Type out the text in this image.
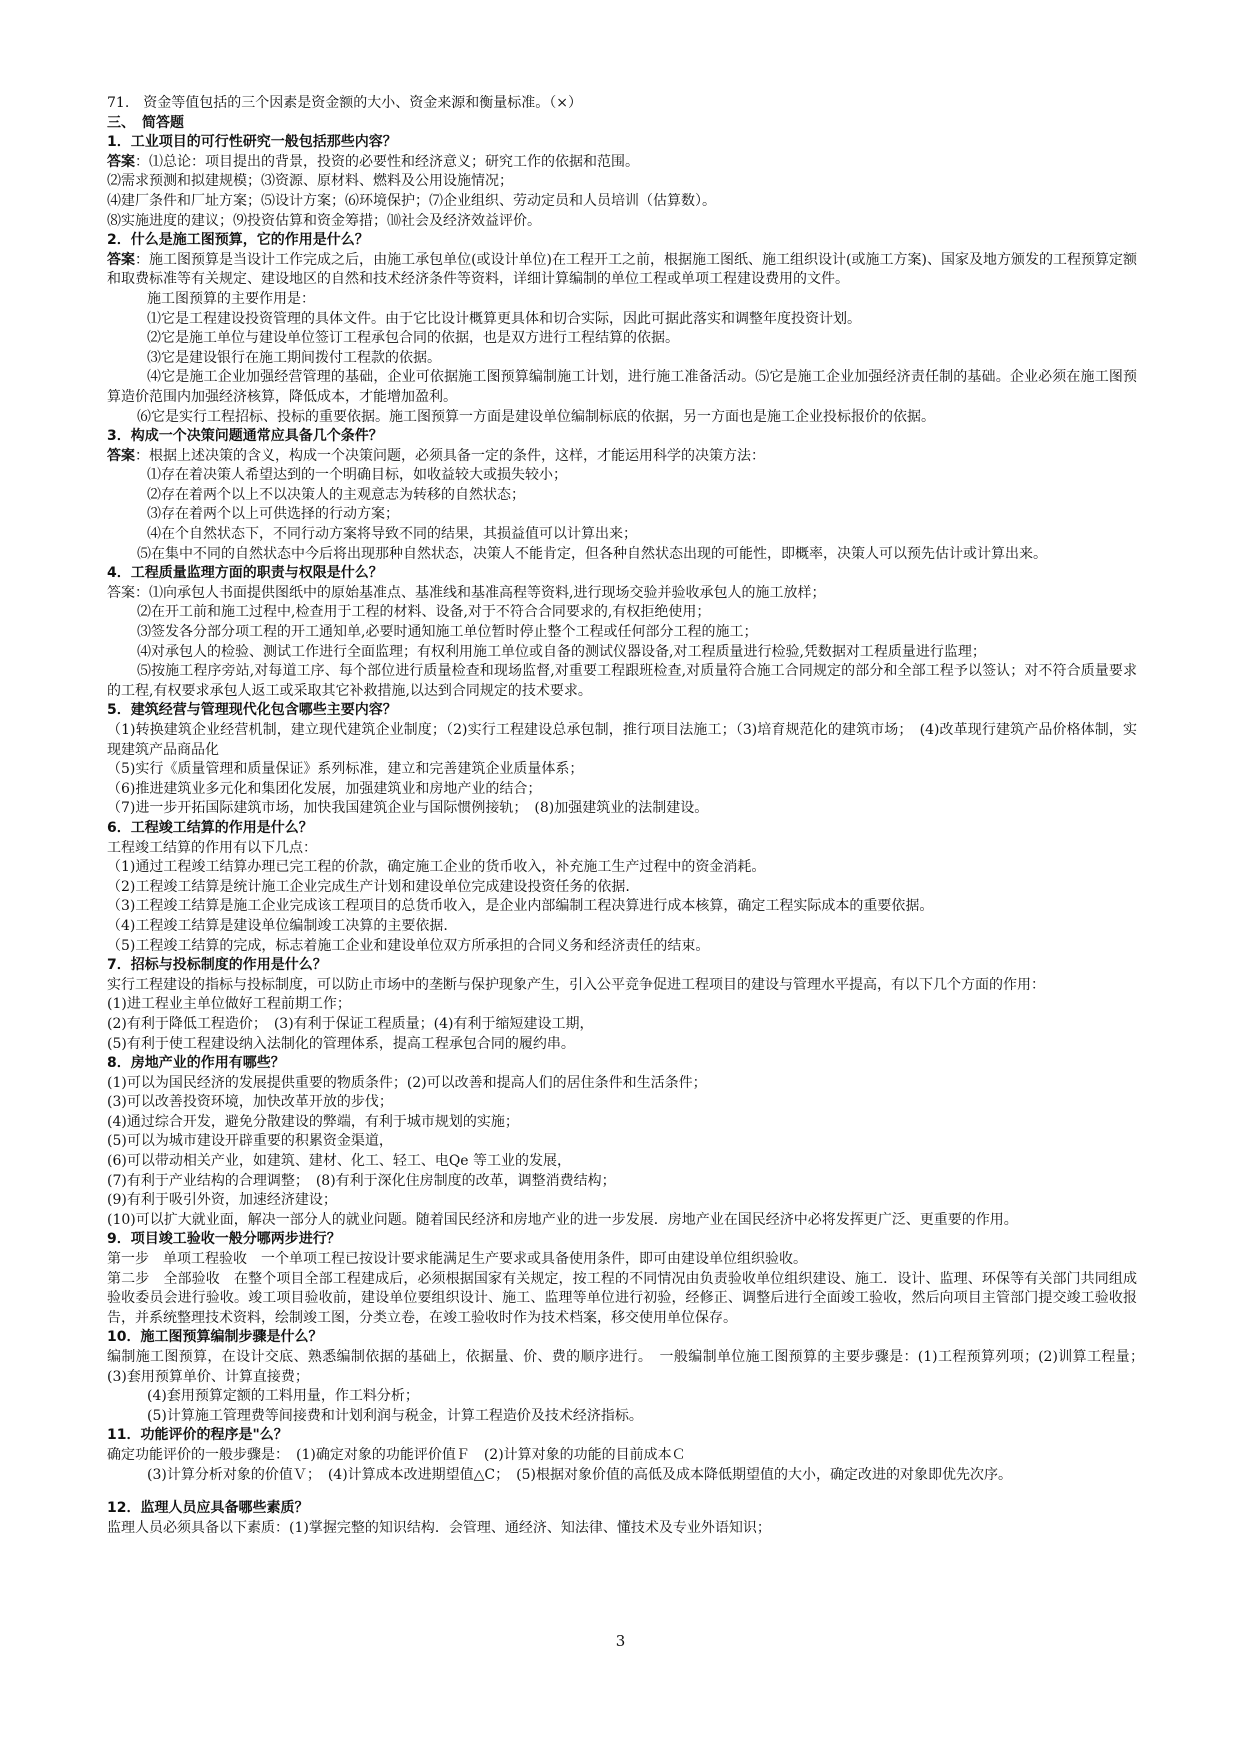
71.　资金等值包括的三个因素是资金额的大小、资金来源和衡量标准。（×）
三、　简答题
1．工业项目的可行性研究一般包括那些内容？
答案：⑴总论：项目提出的背景，投资的必要性和经济意义；研究工作的依据和范围。
⑵需求预测和拟建规模；⑶资源、原材料、燃料及公用设施情况；
⑷建厂条件和厂址方案；⑸设计方案；⑹环境保护；⑺企业组织、劳动定员和人员培训（估算数）。
⑻实施进度的建议；⑼投资估算和资金筹措；⑽社会及经济效益评价。
2．什么是施工图预算，它的作用是什么？
答案：施工图预算是当设计工作完成之后，由施工承包单位(或设计单位)在工程开工之前，根据施工图纸、施工组织设计(或施工方案)、国家及地方颁发的工程预算定额和取费标准等有关规定、建设地区的自然和技术经济条件等资料，详细计算编制的单位工程或单项工程建设费用的文件。
施工图预算的主要作用是：
⑴它是工程建设投资管理的具体文件。由于它比设计概算更具体和切合实际，因此可据此落实和调整年度投资计划。
⑵它是施工单位与建设单位签订工程承包合同的依据，也是双方进行工程结算的依据。
⑶它是建设银行在施工期间拨付工程款的依据。
⑷它是施工企业加强经营管理的基础，企业可依据施工图预算编制施工计划，进行施工准备活动。⑸它是施工企业加强经济责任制的基础。企业必须在施工图预算造价范围内加强经济核算，降低成本，才能增加盈利。
⑹它是实行工程招标、投标的重要依据。施工图预算一方面是建设单位编制标底的依据，另一方面也是施工企业投标报价的依据。
3．构成一个决策问题通常应具备几个条件？
答案：根据上述决策的含义，构成一个决策问题，必须具备一定的条件，这样，才能运用科学的决策方法：
⑴存在着决策人希望达到的一个明确目标，如收益较大或损失较小；
⑵存在着两个以上不以决策人的主观意志为转移的自然状态；
⑶存在着两个以上可供选择的行动方案；
⑷在个自然状态下，不同行动方案将导致不同的结果，其损益值可以计算出来；
⑸在集中不同的自然状态中今后将出现那种自然状态，决策人不能肯定，但各种自然状态出现的可能性，即概率，决策人可以预先估计或计算出来。
4．工程质量监理方面的职责与权限是什么？
答案：⑴向承包人书面提供图纸中的原始基准点、基准线和基准高程等资料,进行现场交验并验收承包人的施工放样；
⑵在开工前和施工过程中,检查用于工程的材料、设备,对于不符合合同要求的,有权拒绝使用；
⑶签发各分部分项工程的开工通知单,必要时通知施工单位暂时停止整个工程或任何部分工程的施工；
⑷对承包人的检验、测试工作进行全面监理；有权利用施工单位或自备的测试仪器设备,对工程质量进行检验,凭数据对工程质量进行监理；
⑸按施工程序旁站,对每道工序、每个部位进行质量检查和现场监督,对重要工程跟班检查,对质量符合施工合同规定的部分和全部工程予以签认；对不符合质量要求的工程,有权要求承包人返工或采取其它补救措施,以达到合同规定的技术要求。
5．建筑经营与管理现代化包含哪些主要内容？
（1)转换建筑企业经营机制，建立现代建筑企业制度；（2)实行工程建设总承包制，推行项目法施工；（3)培育规范化的建筑市场；　(4)改革现行建筑产品价格体制，实现建筑产品商品化
（5)实行《质量管理和质量保证》系列标准，建立和完善建筑企业质量体系；
（6)推进建筑业多元化和集团化发展，加强建筑业和房地产业的结合；
（7)进一步开拓国际建筑市场，加快我国建筑企业与国际惯例接轨；　(8)加强建筑业的法制建设。
6．工程竣工结算的作用是什么？
工程竣工结算的作用有以下几点：
（1)通过工程竣工结算办理已完工程的价款，确定施工企业的货币收入，补充施工生产过程中的资金消耗。
（2)工程竣工结算是统计施工企业完成生产计划和建设单位完成建设投资任务的依据.
（3)工程竣工结算是施工企业完成该工程项目的总货币收入，是企业内部编制工程决算进行成本核算，确定工程实际成本的重要依据。
（4)工程竣工结算是建设单位编制竣工决算的主要依据.
（5)工程竣工结算的完成，标志着施工企业和建设单位双方所承担的合同义务和经济责任的结束。
7．招标与投标制度的作用是什么？
实行工程建设的指标与投标制度，可以防止市场中的垄断与保护现象产生，引入公平竞争促进工程项目的建设与管理水平提高，有以下几个方面的作用：
(1)进工程业主单位做好工程前期工作；
(2)有利于降低工程造价；　(3)有利于保证工程质量；(4)有利于缩短建设工期，
(5)有利于使工程建设纳入法制化的管理体系，提高工程承包合同的履约串。
8．房地产业的作用有哪些？
(1)可以为国民经济的发展提供重要的物质条件；(2)可以改善和提高人们的居住条件和生活条件；
(3)可以改善投资环境，加快改革开放的步伐；
(4)通过综合开发，避免分散建设的弊端，有利于城市规划的实施；
(5)可以为城市建设开辟重要的积累资金渠道，
(6)可以带动相关产业，如建筑、建材、化工、轻工、电Qe 等工业的发展，
(7)有利于产业结构的合理调整；　(8)有利于深化住房制度的改革，调整消费结构；
(9)有利于吸引外资，加速经济建设；
(10)可以扩大就业面，解决一部分人的就业问题。随着国民经济和房地产业的进一步发展．房地产业在国民经济中必将发挥更广泛、更重要的作用。
9．项目竣工验收一般分哪两步进行？
第一步　单项工程验收　一个单项工程已按设计要求能满足生产要求或具备使用条件，即可由建设单位组织验收。
第二步　全部验收　在整个项目全部工程建成后，必须根据国家有关规定，按工程的不同情况由负责验收单位组织建设、施工．设计、监理、环保等有关部门共同组成验收委员会进行验收。竣工项目验收前，建设单位要组织设计、施工、监理等单位进行初验，经修正、调整后进行全面竣工验收，然后向项目主管部门提交竣工验收报告，并系统整理技术资料，绘制竣工图，分类立卷，在竣工验收时作为技术档案，移交使用单位保存。
10．施工图预算编制步骤是什么？
编制施工图预算，在设计交底、熟悉编制依据的基础上，依据量、价、费的顺序进行。　一般编制单位施工图预算的主要步骤是：(1)工程预算列项；(2)训算工程量；　(3)套用预算单价、计算直接费；
(4)套用预算定额的工料用量，作工料分析；
(5)计算施工管理费等间接费和计划利润与税金，计算工程造价及技术经济指标。
11．功能评价的程序是"么？
确定功能评价的一般步骤是：　(1)确定对象的功能评价值Ｆ　(2)计算对象的功能的目前成本Ｃ
(3)计算分析对象的价值Ｖ；　(4)计算成本改进期望值△C；　(5)根据对象价值的高低及成本降低期望值的大小，确定改进的对象即优先次序。
12．监理人员应具备哪些素质？
监理人员必须具备以下素质：(1)掌握完整的知识结构．会管理、通经济、知法律、懂技术及专业外语知识；
3
